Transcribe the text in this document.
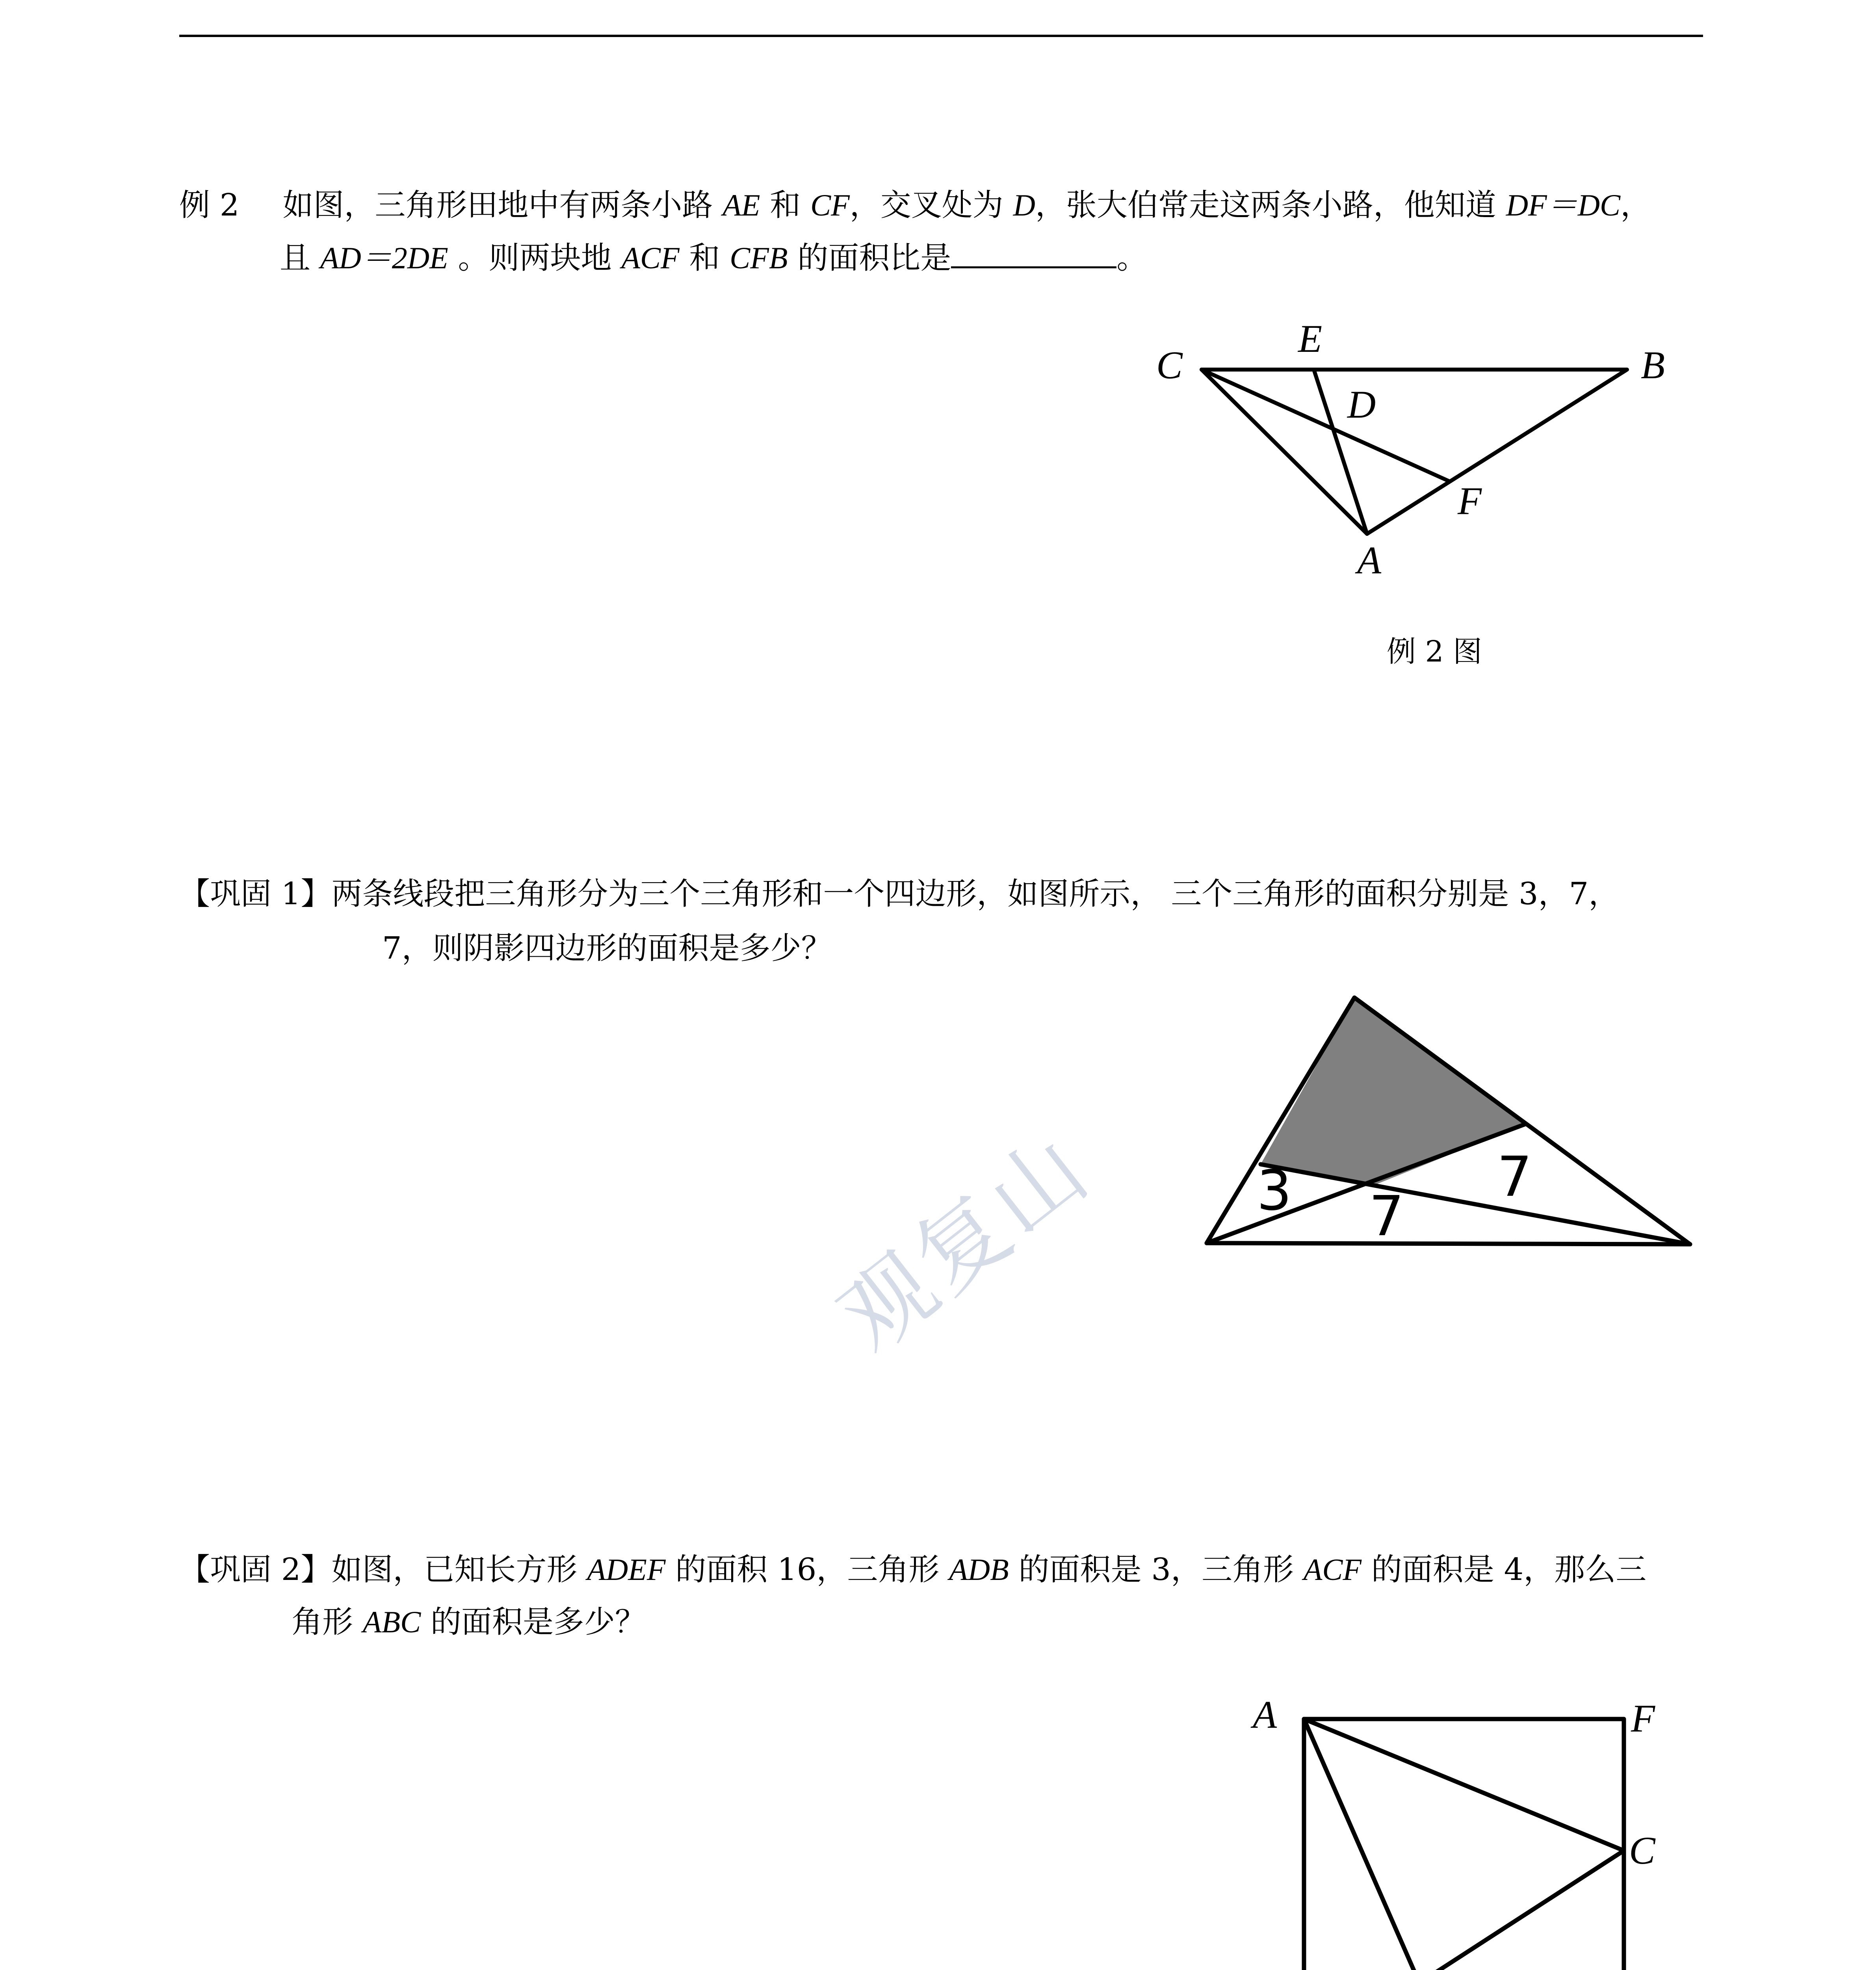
例 2 如图，三角形田地中有两条小路 AE 和 CF，交叉处为 D，张大伯常走这两条小路，他知道 DF＝DC，
且 AD＝2DE 。则两块地 ACF 和 CFB 的面积比是	。
例 2 图
【巩固 1】两条线段把三角形分为三个三角形和一个四边形，如图所示， 三个三角形的面积分别是 3，7，
7，则阴影四边形的面积是多少？
【巩固 2】如图，已知长方形 ADEF 的面积 16，三角形 ADB 的面积是 3，三角形 ACF 的面积是 4，那么三
角形 ABC 的面积是多少？
观复山
C
E
B
D
F
A
3	7
7
A	F
C
